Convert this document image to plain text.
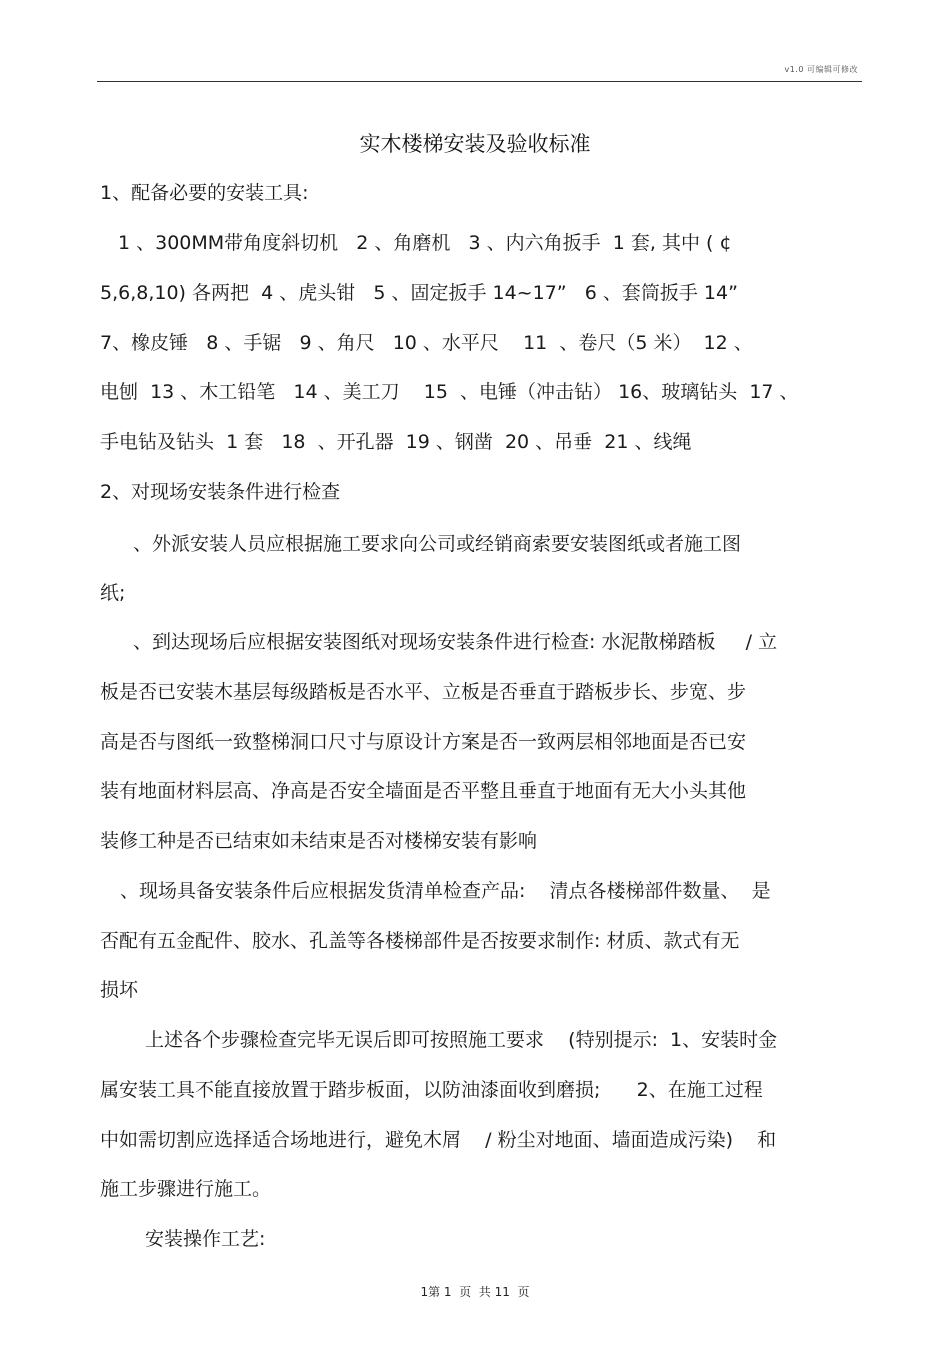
v1.0 可编辑可修改
实木楼梯安装及验收标准
1、配备必要的安装工具:
1 、300MM带角度斜切机   2 、角磨机   3 、内六角扳手  1 套, 其中 ( ¢
5,6,8,10) 各两把  4 、虎头钳   5 、固定扳手 14~17”   6 、套筒扳手 14”
7、橡皮锤   8 、手锯   9 、角尺   10 、水平尺    11  、卷尺（5 米）  12 、
电刨  13 、木工铅笔   14 、美工刀    15  、电锤（冲击钻） 16、玻璃钻头  17 、
手电钻及钻头  1 套   18  、开孔器  19 、钢凿  20 、吊垂  21 、线绳
2、对现场安装条件进行检查
、外派安装人员应根据施工要求向公司或经销商索要安装图纸或者施工图
纸;
、到达现场后应根据安装图纸对现场安装条件进行检查: 水泥散梯踏板     / 立
板是否已安装木基层每级踏板是否水平、立板是否垂直于踏板步长、步宽、步
高是否与图纸一致整梯洞口尺寸与原设计方案是否一致两层相邻地面是否已安
装有地面材料层高、净高是否安全墙面是否平整且垂直于地面有无大小头其他
装修工种是否已结束如未结束是否对楼梯安装有影响
、现场具备安装条件后应根据发货清单检查产品:    清点各楼梯部件数量、  是
否配有五金配件、胶水、孔盖等各楼梯部件是否按要求制作: 材质、款式有无
损坏
上述各个步骤检查完毕无误后即可按照施工要求    (特别提示:  1、安装时金
属安装工具不能直接放置于踏步板面，以防油漆面收到磨损;      2、在施工过程
中如需切割应选择适合场地进行，避免木屑    / 粉尘对地面、墙面造成污染)    和
施工步骤进行施工。
安装操作工艺:
1第 1  页  共 11  页
